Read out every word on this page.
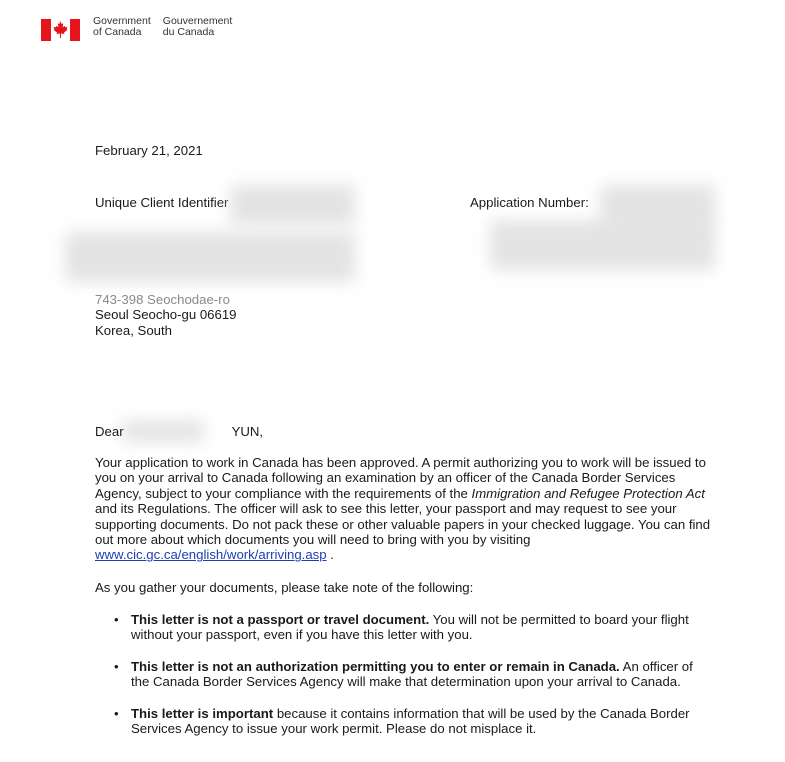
Government
of Canada
Gouvernement
du Canada
February 21, 2021
Unique Client Identifier	Application Number:
743-398 Seochodae-ro
Seoul Seocho-gu 06619
Korea, South
Dear	YUN,
Your application to work in Canada has been approved. A permit authorizing you to work will be issued to you on your arrival to Canada following an examination by an officer of the Canada Border Services Agency, subject to your compliance with the requirements of the Immigration and Refugee Protection Act and its Regulations. The officer will ask to see this letter, your passport and may request to see your supporting documents. Do not pack these or other valuable papers in your checked luggage. You can find out more about which documents you will need to bring with you by visiting www.cic.gc.ca/english/work/arriving.asp .
As you gather your documents, please take note of the following:
• This letter is not a passport or travel document. You will not be permitted to board your flight without your passport, even if you have this letter with you.
• This letter is not an authorization permitting you to enter or remain in Canada. An officer of the Canada Border Services Agency will make that determination upon your arrival to Canada.
• This letter is important because it contains information that will be used by the Canada Border Services Agency to issue your work permit. Please do not misplace it.
